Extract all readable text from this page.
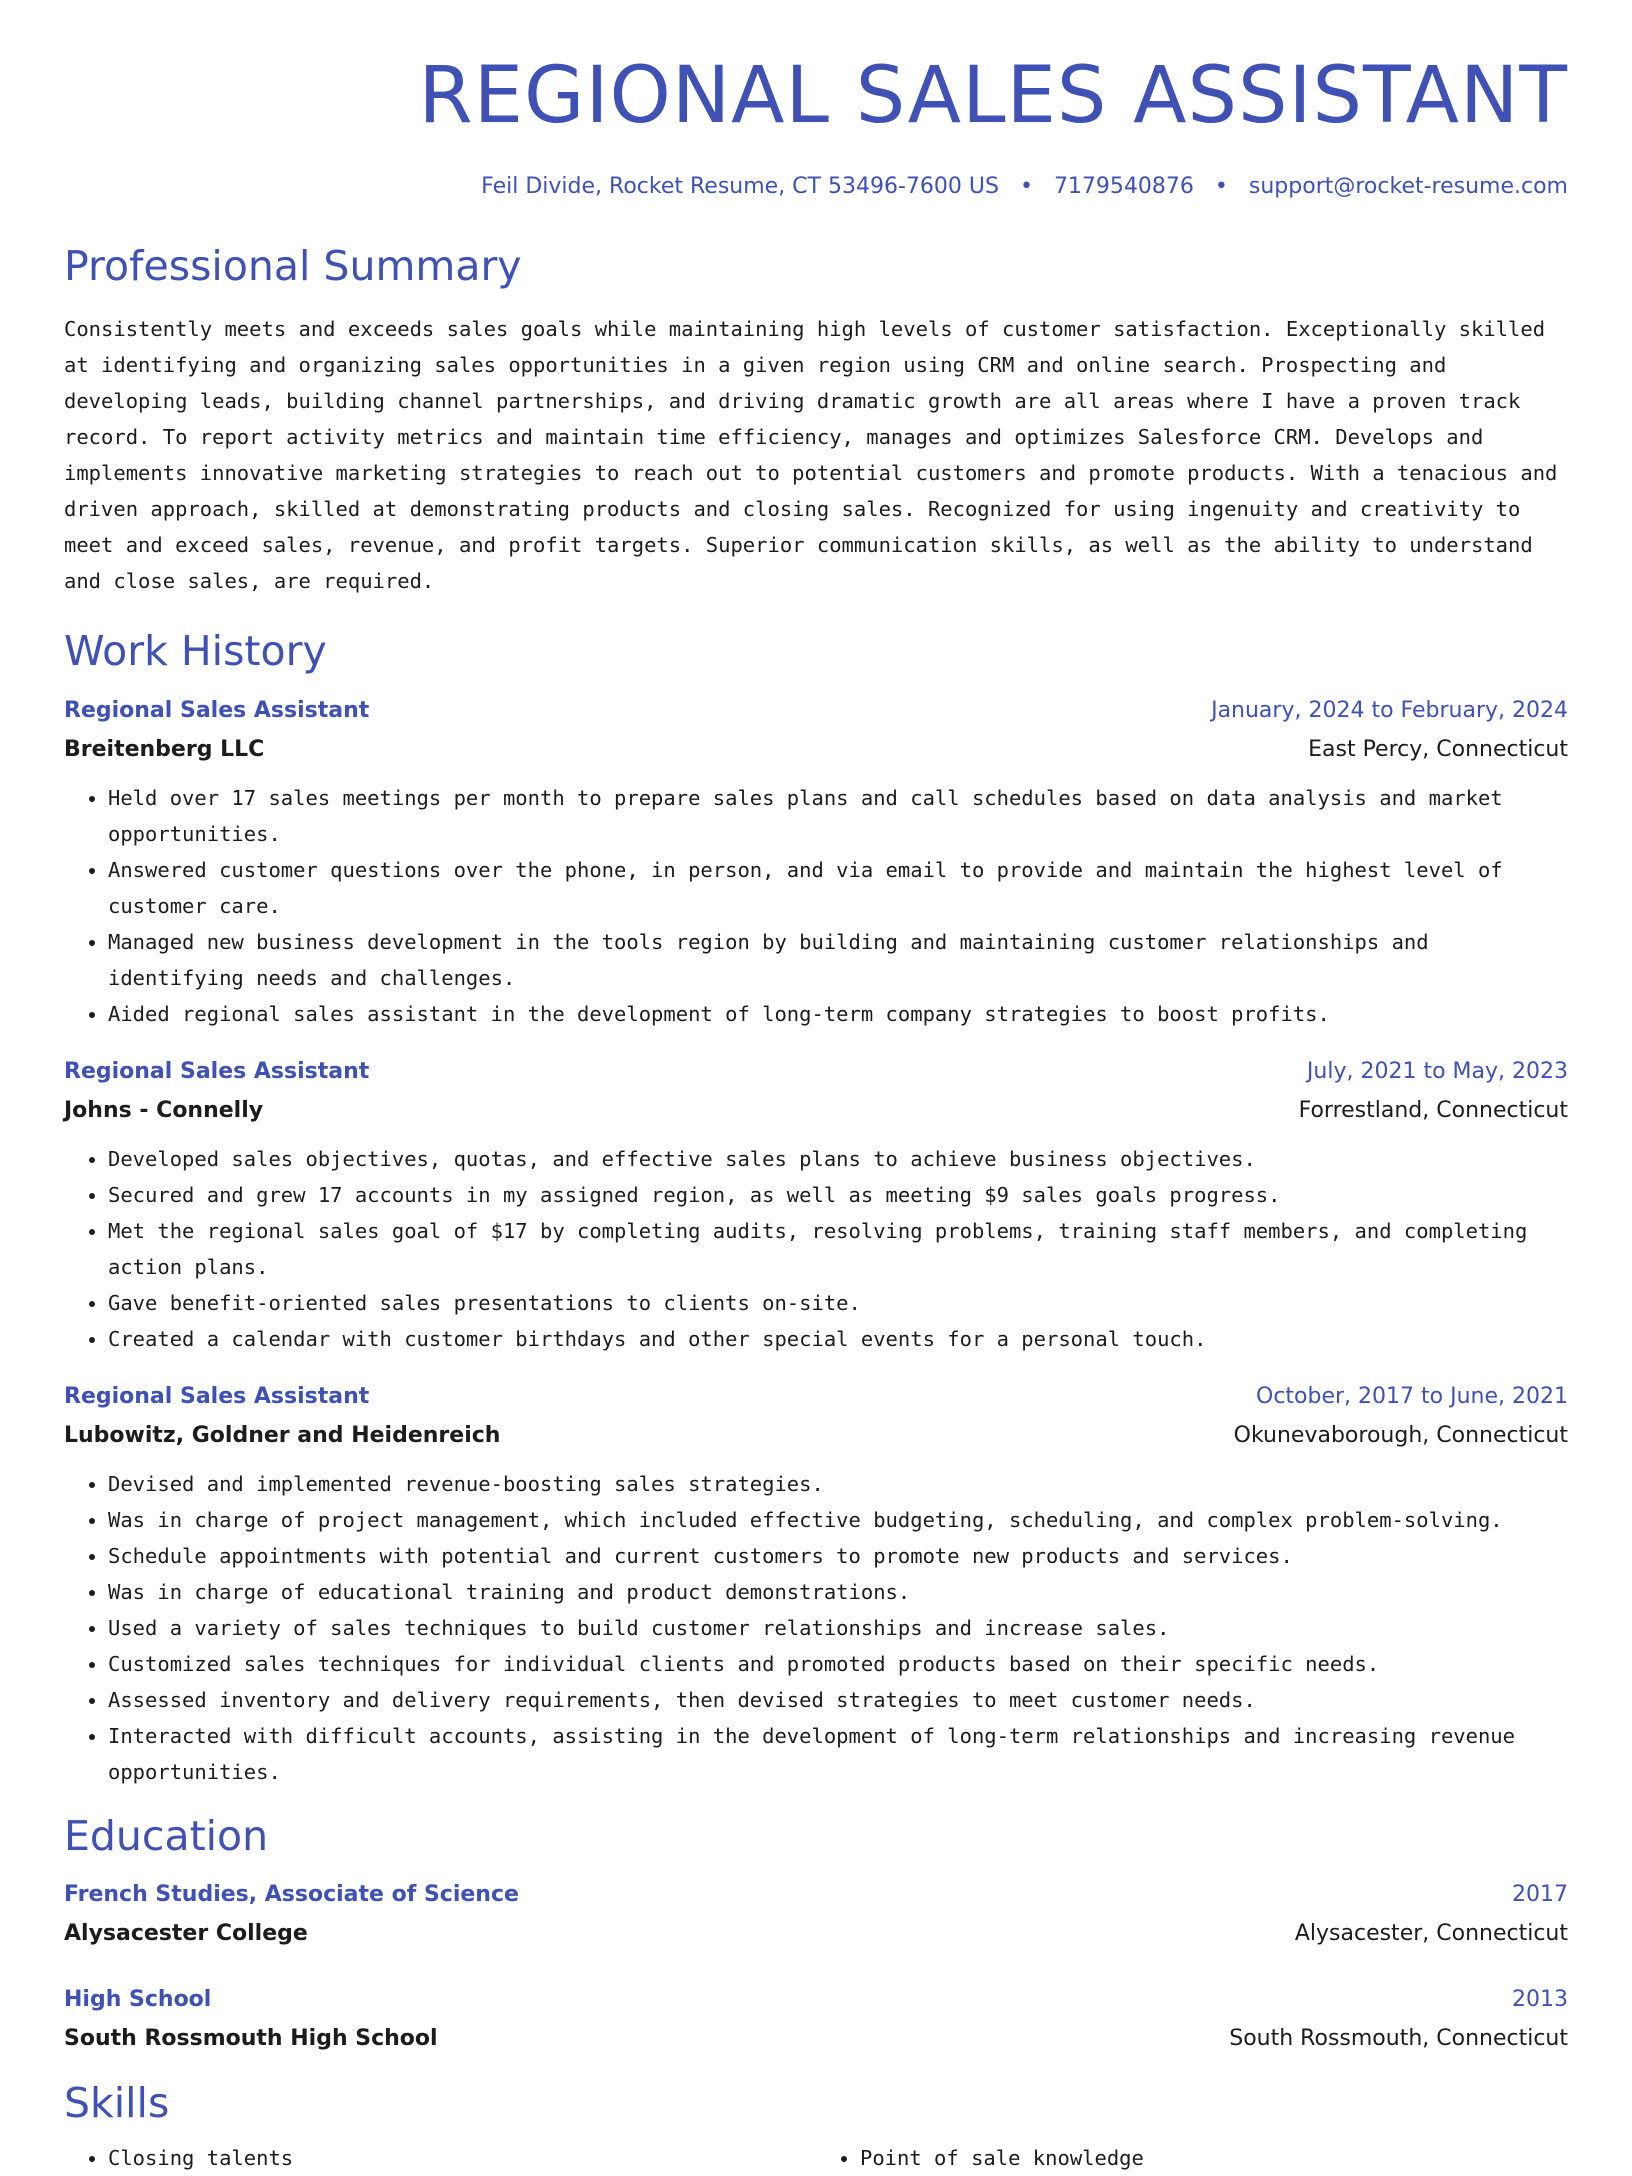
REGIONAL SALES ASSISTANT
Feil Divide, Rocket Resume, CT 53496-7600 US • 7179540876 • support@rocket-resume.com
Professional Summary

Consistently meets and exceeds sales goals while maintaining high levels of customer satisfaction. Exceptionally skilled at identifying and organizing sales opportunities in a given region using CRM and online search. Prospecting and developing leads, building channel partnerships, and driving dramatic growth are all areas where I have a proven track record. To report activity metrics and maintain time efficiency, manages and optimizes Salesforce CRM. Develops and implements innovative marketing strategies to reach out to potential customers and promote products. With a tenacious and driven approach, skilled at demonstrating products and closing sales. Recognized for using ingenuity and creativity to meet and exceed sales, revenue, and profit targets. Superior communication skills, as well as the ability to understand and close sales, are required.

Work History
Regional Sales Assistant	January, 2024 to February, 2024
Breitenberg LLC	East Percy, Connecticut
• Held over 17 sales meetings per month to prepare sales plans and call schedules based on data analysis and market opportunities.
• Answered customer questions over the phone, in person, and via email to provide and maintain the highest level of customer care.
• Managed new business development in the tools region by building and maintaining customer relationships and identifying needs and challenges.
• Aided regional sales assistant in the development of long-term company strategies to boost profits.
Regional Sales Assistant	July, 2021 to May, 2023
Johns - Connelly	Forrestland, Connecticut
• Developed sales objectives, quotas, and effective sales plans to achieve business objectives.
• Secured and grew 17 accounts in my assigned region, as well as meeting $9 sales goals progress.
• Met the regional sales goal of $17 by completing audits, resolving problems, training staff members, and completing action plans.
• Gave benefit-oriented sales presentations to clients on-site.
• Created a calendar with customer birthdays and other special events for a personal touch.
Regional Sales Assistant	October, 2017 to June, 2021
Lubowitz, Goldner and Heidenreich	Okunevaborough, Connecticut
• Devised and implemented revenue-boosting sales strategies.
• Was in charge of project management, which included effective budgeting, scheduling, and complex problem-solving.
• Schedule appointments with potential and current customers to promote new products and services.
• Was in charge of educational training and product demonstrations.
• Used a variety of sales techniques to build customer relationships and increase sales.
• Customized sales techniques for individual clients and promoted products based on their specific needs.
• Assessed inventory and delivery requirements, then devised strategies to meet customer needs.
• Interacted with difficult accounts, assisting in the development of long-term relationships and increasing revenue opportunities.
Education
French Studies, Associate of Science	2017
Alysacester College	Alysacester, Connecticut
High School	2013
South Rossmouth High School	South Rossmouth, Connecticut
Skills
• Closing talents
•	Point of sale knowledge
